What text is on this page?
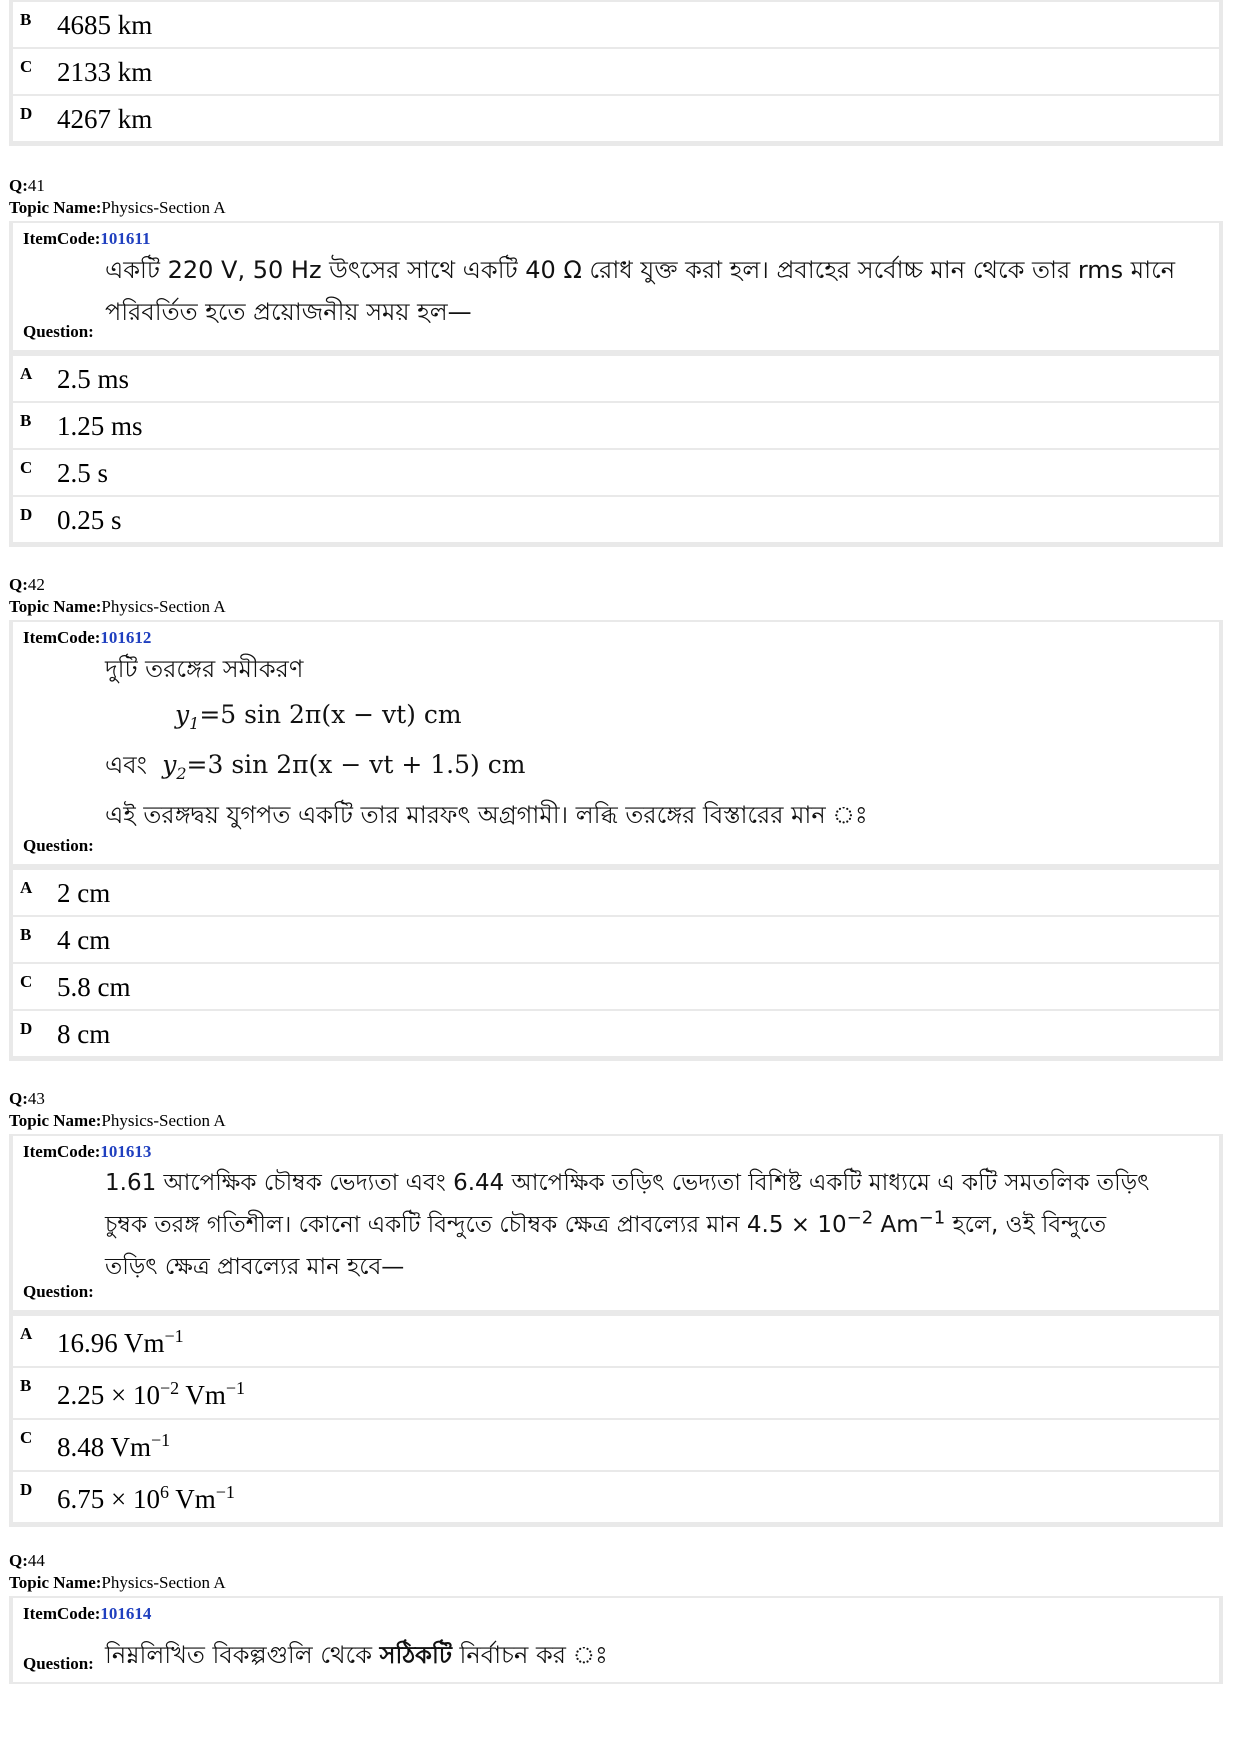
B 4685 km
C 2133 km
D 4267 km
Q:41
Topic Name:Physics-Section A
ItemCode:101611
একটি 220 V, 50 Hz উৎসের সাথে একটি 40 Ω রোধ যুক্ত করা হল। প্রবাহের সর্বোচ্চ মান থেকে তার rms মানে
পরিবর্তিত হতে প্রয়োজনীয় সময় হল—
Question:
A 2.5 ms
B 1.25 ms
C 2.5 s
D 0.25 s
Q:42
Topic Name:Physics-Section A
ItemCode:101612
দুটি তরঙ্গের সমীকরণ
$y_1=5$ sin 2π(x − vt) cm
এবং $y_2=3$ sin 2π(x − vt + 1.5) cm
এই তরঙ্গদ্বয় যুগপত একটি তার মারফৎ অগ্রগামী। লব্ধি তরঙ্গের বিস্তারের মান ঃ
Question:
A 2 cm
B 4 cm
C 5.8 cm
D 8 cm
Q:43
Topic Name:Physics-Section A
ItemCode:101613
1.61 আপেক্ষিক চৌম্বক ভেদ্যতা এবং 6.44 আপেক্ষিক তড়িৎ ভেদ্যতা বিশিষ্ট একটি মাধ্যমে এ কটি সমতলিক তড়িৎ
চুম্বক তরঙ্গ গতিশীল। কোনো একটি বিন্দুতে চৌম্বক ক্ষেত্র প্রাবল্যের মান $4.5 \times 10^{-2}$ $Am^{-1}$ হলে, ওই বিন্দুতে
তড়িৎ ক্ষেত্র প্রাবল্যের মান হবে—
Question:
A 16.96 $Vm^{-1}$
B $2.25 \times 10^{-2}$ $Vm^{-1}$
C 8.48 $Vm^{-1}$
D $6.75 \times 10^6$ $Vm^{-1}$
Q:44
Topic Name:Physics-Section A
ItemCode:101614
নিম্নলিখিত বিকল্পগুলি থেকে সঠিকটি নির্বাচন কর ঃ
Question:
